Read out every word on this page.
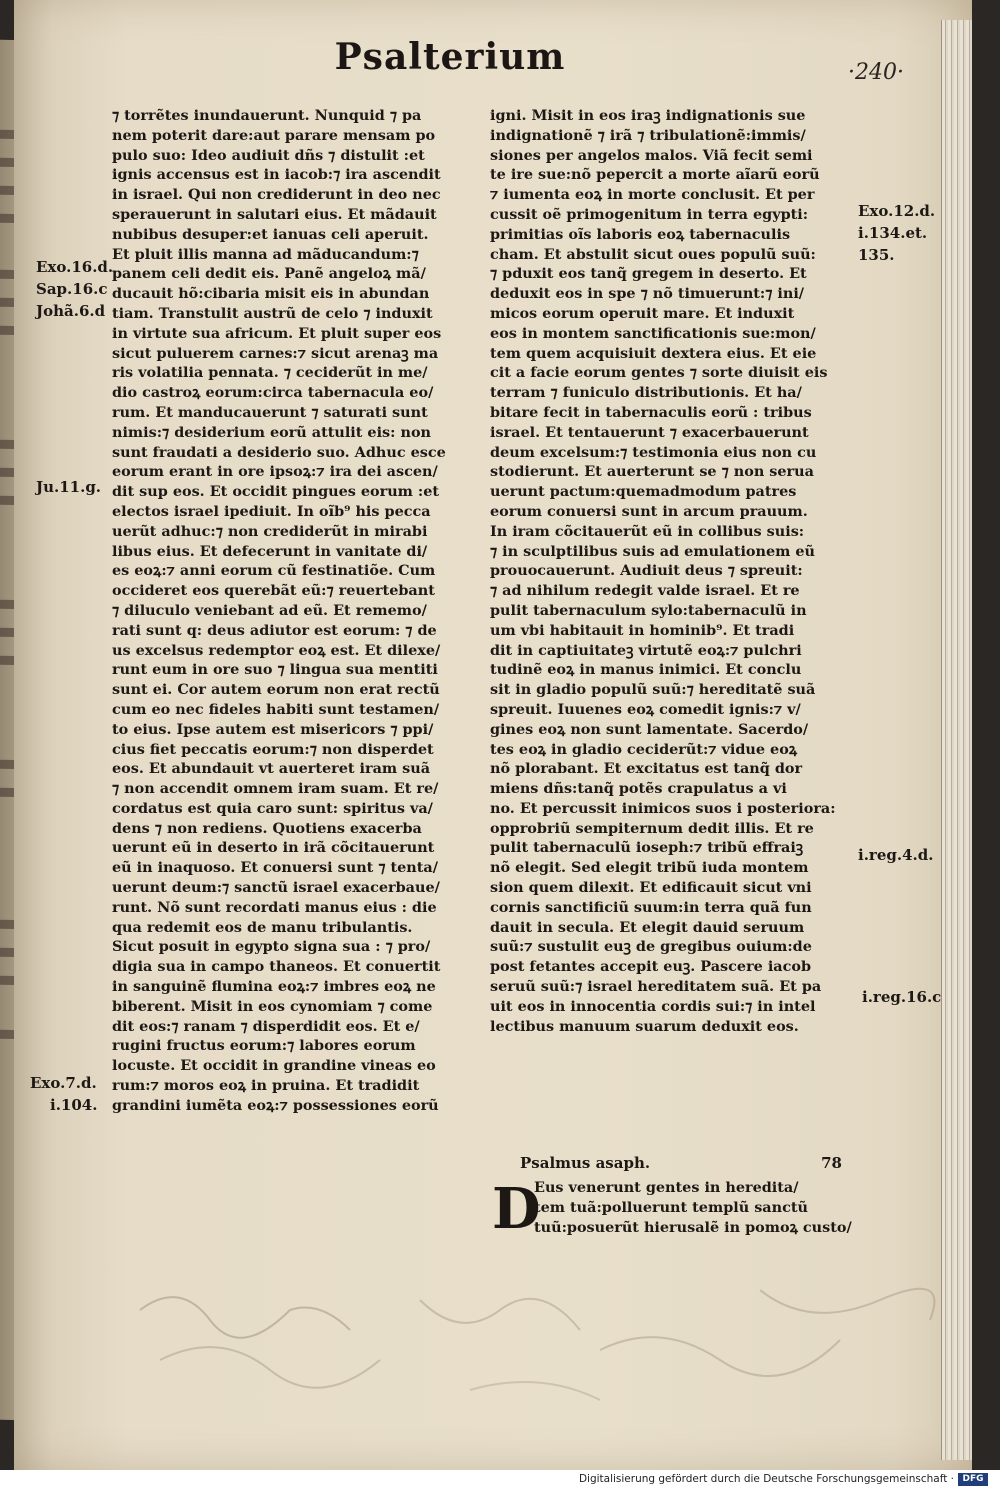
Psalterium	·240·
⁊ torrẽtes inundauerunt. Nunquid ⁊ pa
nem poterit dare:aut parare mensam po
pulo suo: Ideo audiuit dñs ⁊ distulit :et
ignis accensus est in iacob:⁊ ira ascendit
in israel. Qui non crediderunt in deo nec
sperauerunt in salutari eius. Et mãdauit
nubibus desuper:et ianuas celi aperuit.
Et pluit illis manna ad mãducandum:⁊
panem celi dedit eis. Panẽ angeloꝝ mã/
ducauit hõ:cibaria misit eis in abundan
tiam. Transtulit austrũ de celo ⁊ induxit
in virtute sua africum. Et pluit super eos
sicut puluerem carnes:⁊ sicut arenaꝫ ma
ris volatilia pennata. ⁊ ceciderũt in me/
dio castroꝝ eorum:circa tabernacula eo/
rum. Et manducauerunt ⁊ saturati sunt
nimis:⁊ desiderium eorũ attulit eis: non
sunt fraudati a desiderio suo. Adhuc esce
eorum erant in ore ipsoꝝ:⁊ ira dei ascen/
dit sup eos. Et occidit pingues eorum :et
electos israel ipediuit. In oĩb⁹ his pecca
uerũt adhuc:⁊ non crediderũt in mirabi
libus eius. Et defecerunt in vanitate di/
es eoꝝ:⁊ anni eorum cũ festinatiõe. Cum
occideret eos querebãt eũ:⁊ reuertebant
⁊ diluculo veniebant ad eũ. Et rememo/
rati sunt q: deus adiutor est eorum: ⁊ de
us excelsus redemptor eoꝝ est. Et dilexe/
runt eum in ore suo ⁊ lingua sua mentiti
sunt ei. Cor autem eorum non erat rectũ
cum eo nec fideles habiti sunt testamen/
to eius. Ipse autem est misericors ⁊ ppi/
cius fiet peccatis eorum:⁊ non disperdet
eos. Et abundauit vt auerteret iram suã
⁊ non accendit omnem iram suam. Et re/
cordatus est quia caro sunt: spiritus va/
dens ⁊ non rediens. Quotiens exacerba
uerunt eũ in deserto in irã cõcitauerunt
eũ in inaquoso. Et conuersi sunt ⁊ tenta/
uerunt deum:⁊ sanctũ israel exacerbaue/
runt. Nõ sunt recordati manus eius : die
qua redemit eos de manu tribulantis.
Sicut posuit in egypto signa sua : ⁊ pro/
digia sua in campo thaneos. Et conuertit
in sanguinẽ flumina eoꝝ:⁊ imbres eoꝝ ne
biberent. Misit in eos cynomiam ⁊ come
dit eos:⁊ ranam ⁊ disperdidit eos. Et e/
rugini fructus eorum:⁊ labores eorum
locuste. Et occidit in grandine vineas eo
rum:⁊ moros eoꝝ in pruina. Et tradidit
grandini iumẽta eoꝝ:⁊ possessiones eorũ
igni. Misit in eos iraꝫ indignationis sue
indignationẽ ⁊ irã ⁊ tribulationẽ:immis/
siones per angelos malos. Viã fecit semi
te ire sue:nõ pepercit a morte aĩarũ eorũ
⁊ iumenta eoꝝ in morte conclusit. Et per
cussit oẽ primogenitum in terra egypti:
primitias oĩs laboris eoꝝ tabernaculis
cham. Et abstulit sicut oues populũ suũ:
⁊ pduxit eos tanq̃ gregem in deserto. Et
deduxit eos in spe ⁊ nõ timuerunt:⁊ ini/
micos eorum operuit mare. Et induxit
eos in montem sanctificationis sue:mon/
tem quem acquisiuit dextera eius. Et eie
cit a facie eorum gentes ⁊ sorte diuisit eis
terram ⁊ funiculo distributionis. Et ha/
bitare fecit in tabernaculis eorũ : tribus
israel. Et tentauerunt ⁊ exacerbauerunt
deum excelsum:⁊ testimonia eius non cu
stodierunt. Et auerterunt se ⁊ non serua
uerunt pactum:quemadmodum patres
eorum conuersi sunt in arcum prauum.
In iram cõcitauerũt eũ in collibus suis:
⁊ in sculptilibus suis ad emulationem eũ
prouocauerunt. Audiuit deus ⁊ spreuit:
⁊ ad nihilum redegit valde israel. Et re
pulit tabernaculum sylo:tabernaculũ in
um vbi habitauit in hominib⁹. Et tradi
dit in captiuitateꝫ virtutẽ eoꝝ:⁊ pulchri
tudinẽ eoꝝ in manus inimici. Et conclu
sit in gladio populũ suũ:⁊ hereditatẽ suã
spreuit. Iuuenes eoꝝ comedit ignis:⁊ v/
gines eoꝝ non sunt lamentate. Sacerdo/
tes eoꝝ in gladio ceciderũt:⁊ vidue eoꝝ
nõ plorabant. Et excitatus est tanq̃ dor
miens dñs:tanq̃ potẽs crapulatus a vi
no. Et percussit inimicos suos i posteriora:
opprobriũ sempiternum dedit illis. Et re
pulit tabernaculũ ioseph:⁊ tribũ effraiꝫ
nõ elegit. Sed elegit tribũ iuda montem
sion quem dilexit. Et edificauit sicut vni
cornis sanctificiũ suum:in terra quã fun
dauit in secula. Et elegit dauid seruum
suũ:⁊ sustulit euꝫ de gregibus ouium:de
post fetantes accepit euꝫ. Pascere iacob
seruũ suũ:⁊ israel hereditatem suã. Et pa
uit eos in innocentia cordis sui:⁊ in intel
lectibus manuum suarum deduxit eos.
Psalmus asaph.	78
D
Eus venerunt gentes in heredita/
tem tuã:polluerunt templũ sanctũ
tuũ:posuerũt hierusalẽ in pomoꝝ custo/
Exo.16.d.
Sap.16.c
Johã.6.d
Ju.11.g.
Exo.7.d.
i.104.
Exo.12.d.
i.134.et.
135.
i.reg.4.d.
i.reg.16.c
Digitalisierung gefördert durch die Deutsche Forschungsgemeinschaft · DFG
